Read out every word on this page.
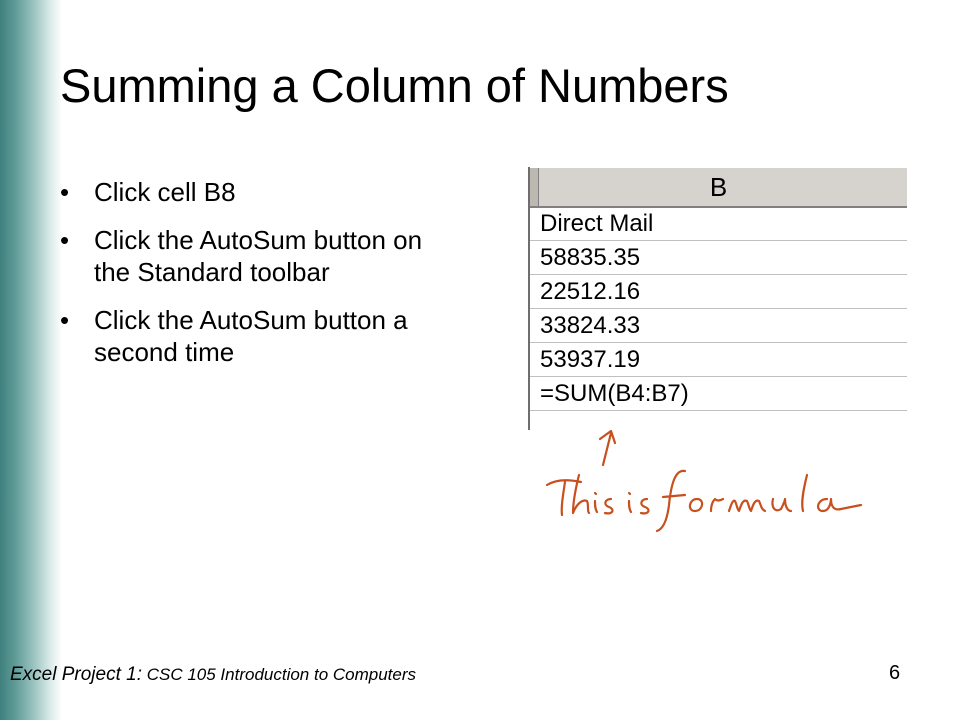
Summing a Column of Numbers
• Click cell B8
• Click the AutoSum button on the Standard toolbar
• Click the AutoSum button a second time
B
Direct Mail
58835.35
22512.16
33824.33
53937.19
=SUM(B4:B7)
Excel Project 1: CSC 105 Introduction to Computers	6
